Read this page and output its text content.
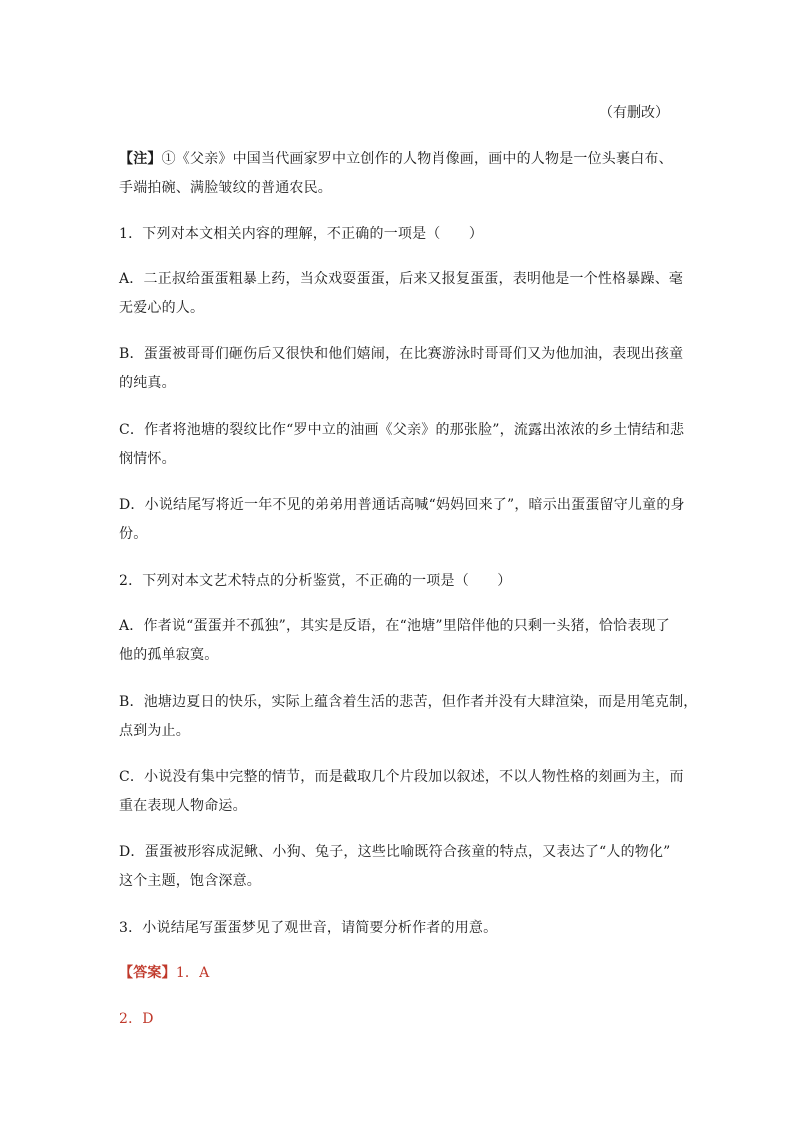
（有删改）
【注】①《父亲》中国当代画家罗中立创作的人物肖像画，画中的人物是一位头裹白布、
手端拍碗、满脸皱纹的普通农民。
1．下列对本文相关内容的理解，不正确的一项是（　　）
A．二正叔给蛋蛋粗暴上药，当众戏耍蛋蛋，后来又报复蛋蛋，表明他是一个性格暴躁、毫
无爱心的人。
B．蛋蛋被哥哥们砸伤后又很快和他们嬉闹，在比赛游泳时哥哥们又为他加油，表现出孩童
的纯真。
C．作者将池塘的裂纹比作“罗中立的油画《父亲》的那张脸”，流露出浓浓的乡土情结和悲
悯情怀。
D．小说结尾写将近一年不见的弟弟用普通话高喊“妈妈回来了”，暗示出蛋蛋留守儿童的身
份。
2．下列对本文艺术特点的分析鉴赏，不正确的一项是（　　）
A．作者说“蛋蛋并不孤独”，其实是反语，在“池塘”里陪伴他的只剩一头猪，恰恰表现了
他的孤单寂寞。
B．池塘边夏日的快乐，实际上蕴含着生活的悲苦，但作者并没有大肆渲染，而是用笔克制，
点到为止。
C．小说没有集中完整的情节，而是截取几个片段加以叙述，不以人物性格的刻画为主，而
重在表现人物命运。
D．蛋蛋被形容成泥鳅、小狗、兔子，这些比喻既符合孩童的特点，又表达了“人的物化”
这个主题，饱含深意。
3．小说结尾写蛋蛋梦见了观世音，请简要分析作者的用意。
【答案】1．A
2．D
